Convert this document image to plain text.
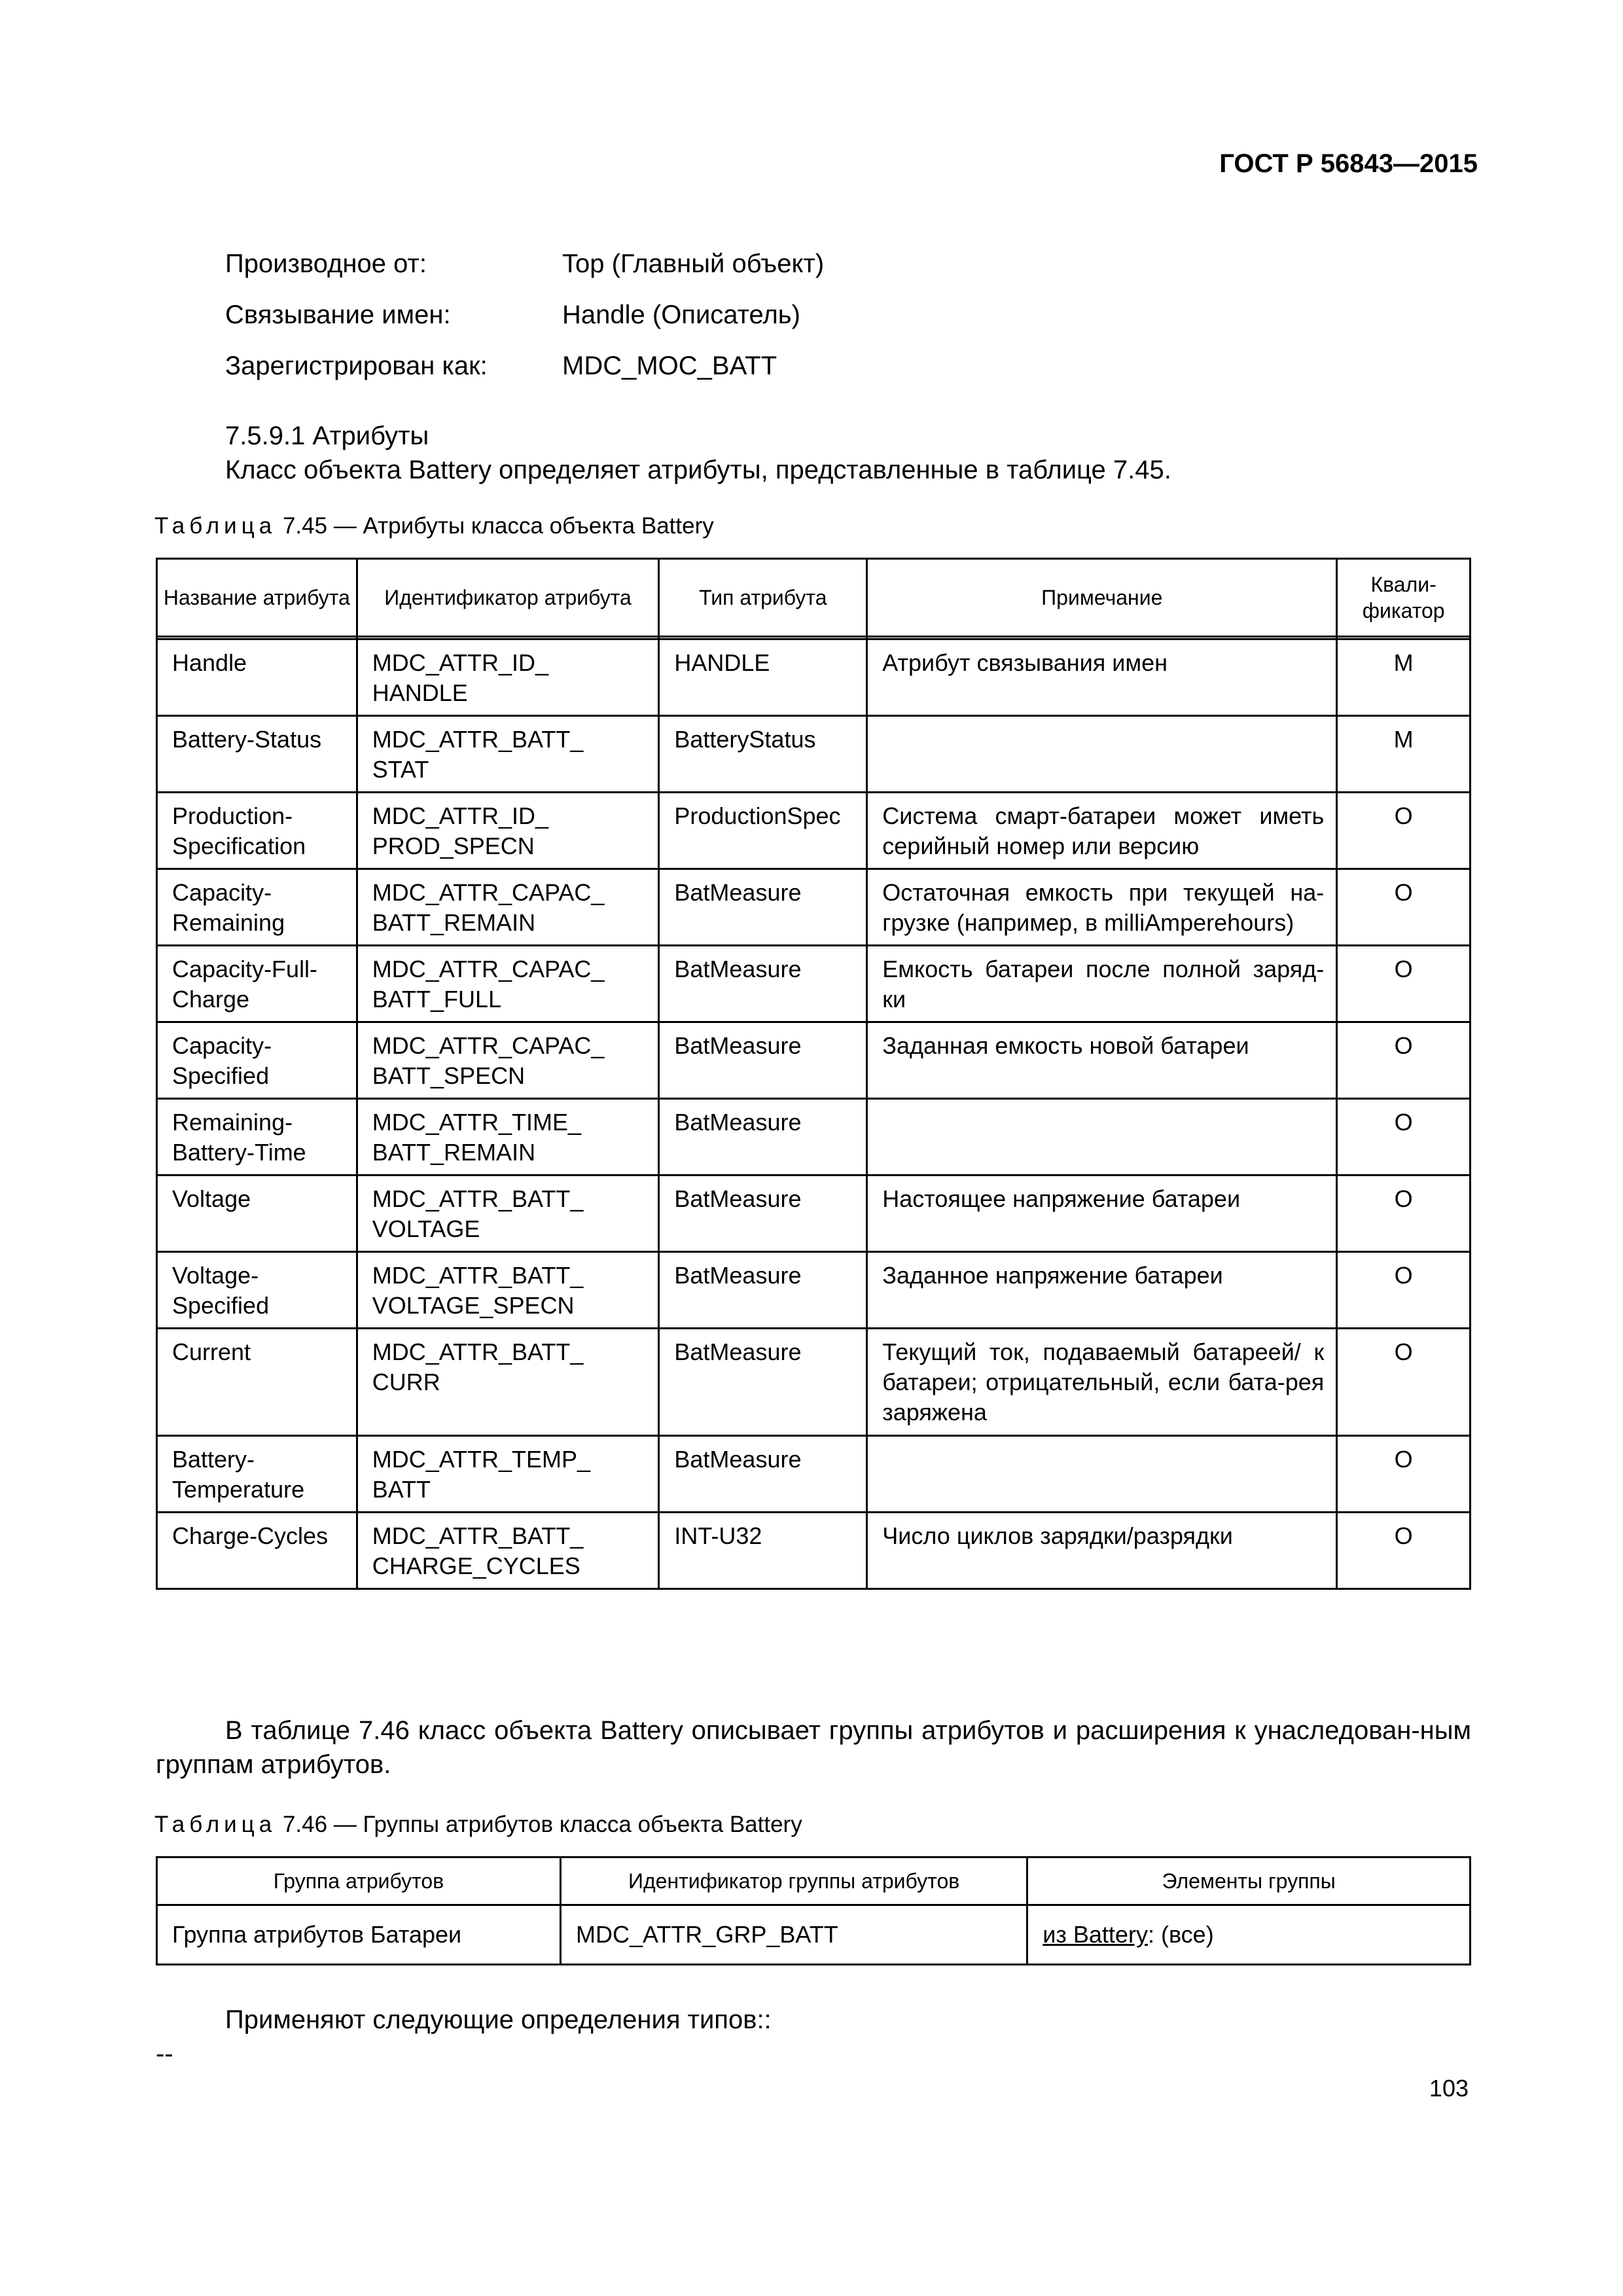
ГОСТ Р 56843—2015
Производное от:	Top (Главный объект)
Связывание имен:	Handle (Описатель)
Зарегистрирован как:	MDC_MOC_BATT
7.5.9.1 Атрибуты
Класс объекта Battery определяет атрибуты, представленные в таблице 7.45.
Таблица 7.45 — Атрибуты класса объекта Battery
Название атрибута	Идентификатор атрибута	Тип атрибута	Примечание	Квали-фикатор

Handle	MDC_ATTR_ID_ HANDLE	HANDLE	Атрибут связывания имен	M
Battery-Status	MDC_ATTR_BATT_ STAT	BatteryStatus		M
Production-Specification	MDC_ATTR_ID_ PROD_SPECN	ProductionSpec	Система смарт-батареи может иметь серийный номер или версию	O
Capacity-Remaining	MDC_ATTR_CAPAC_ BATT_REMAIN	BatMeasure	Остаточная емкость при текущей на-грузке (например, в milliAmperehours)	O
Capacity-Full-Charge	MDC_ATTR_CAPAC_ BATT_FULL	BatMeasure	Емкость батареи после полной заряд-ки	O
Capacity-Specified	MDC_ATTR_CAPAC_ BATT_SPECN	BatMeasure	Заданная емкость новой батареи	O
Remaining-Battery-Time	MDC_ATTR_TIME_ BATT_REMAIN	BatMeasure		O
Voltage	MDC_ATTR_BATT_ VOLTAGE	BatMeasure	Настоящее напряжение батареи	O
Voltage-Specified	MDC_ATTR_BATT_ VOLTAGE_SPECN	BatMeasure	Заданное напряжение батареи	O
Current	MDC_ATTR_BATT_ CURR	BatMeasure	Текущий ток, подаваемый батареей/ к батареи; отрицательный, если бата-рея заряжена	O
Battery-Temperature	MDC_ATTR_TEMP_ BATT	BatMeasure		O
Charge-Cycles	MDC_ATTR_BATT_ CHARGE_CYCLES	INT-U32	Число циклов зарядки/разрядки	O
В таблице 7.46 класс объекта Battery описывает группы атрибутов и расширения к унаследован-ным группам атрибутов.
Таблица 7.46 — Группы атрибутов класса объекта Battery
Группа атрибутов	Идентификатор группы атрибутов	Элементы группы
Группа атрибутов Батареи	MDC_ATTR_GRP_BATT	из Battery: (все)
Применяют следующие определения типов::
--
103
